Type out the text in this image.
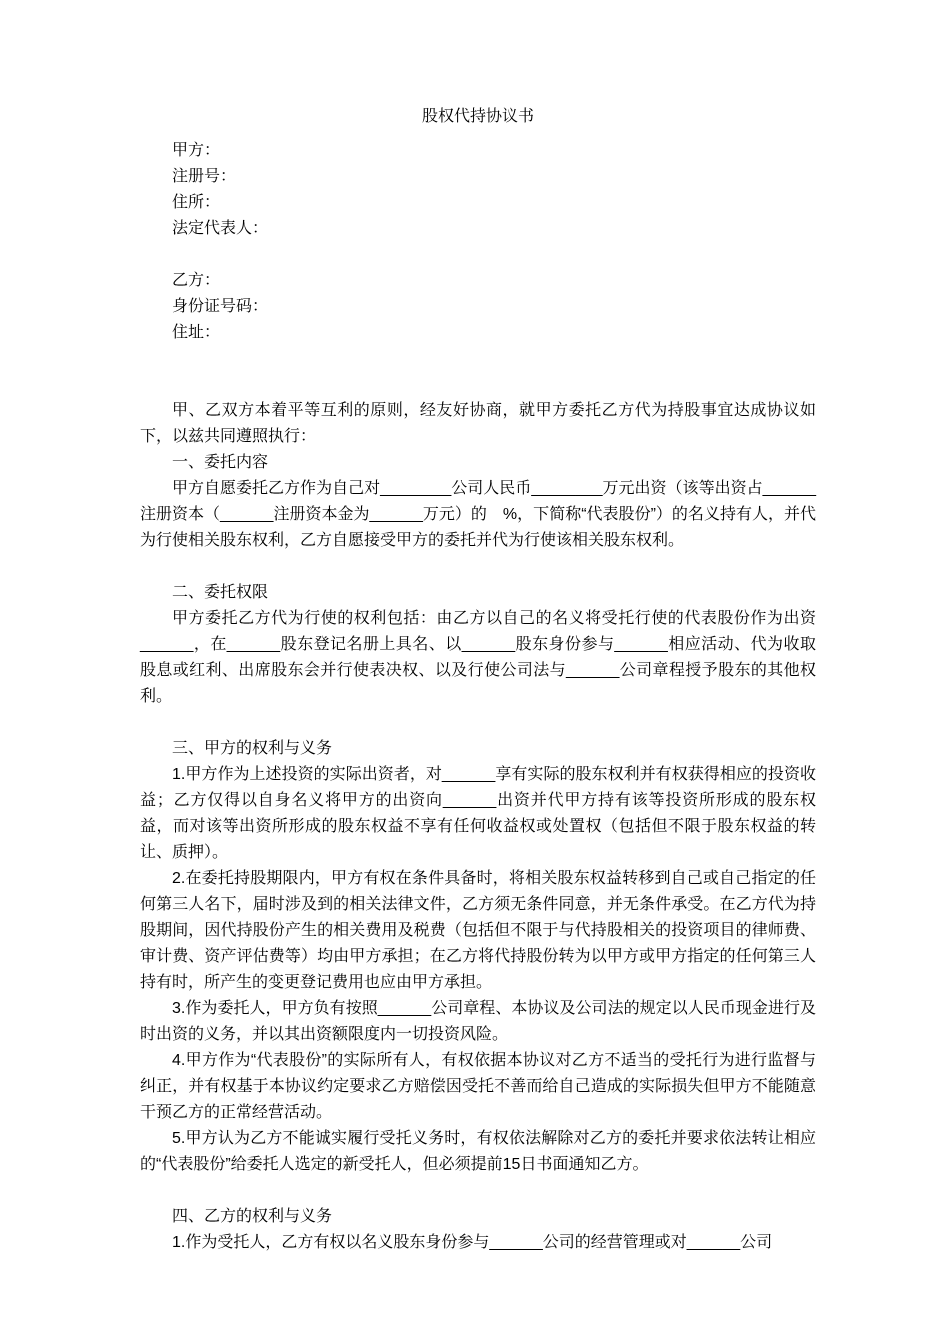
股权代持协议书

甲方：

注册号：

住所：

法定代表人：

乙方：

身份证号码：

住址：

甲、乙双方本着平等互利的原则，经友好协商，就甲方委托乙方代为持股事宜达成协议如下，以兹共同遵照执行：

一、委托内容

甲方自愿委托乙方作为自己对________公司人民币________万元出资（该等出资占______注册资本（______注册资本金为______万元）的　%，下简称“代表股份”）的名义持有人，并代为行使相关股东权利，乙方自愿接受甲方的委托并代为行使该相关股东权利。

二、委托权限

甲方委托乙方代为行使的权利包括：由乙方以自己的名义将受托行使的代表股份作为出资______，在______股东登记名册上具名、以______股东身份参与______相应活动、代为收取股息或红利、出席股东会并行使表决权、以及行使公司法与______公司章程授予股东的其他权利。

三、甲方的权利与义务

1.甲方作为上述投资的实际出资者，对______享有实际的股东权利并有权获得相应的投资收益；乙方仅得以自身名义将甲方的出资向______出资并代甲方持有该等投资所形成的股东权益，而对该等出资所形成的股东权益不享有任何收益权或处置权（包括但不限于股东权益的转让、质押）。

2.在委托持股期限内，甲方有权在条件具备时，将相关股东权益转移到自己或自己指定的任何第三人名下，届时涉及到的相关法律文件，乙方须无条件同意，并无条件承受。在乙方代为持股期间，因代持股份产生的相关费用及税费（包括但不限于与代持股相关的投资项目的律师费、审计费、资产评估费等）均由甲方承担；在乙方将代持股份转为以甲方或甲方指定的任何第三人持有时，所产生的变更登记费用也应由甲方承担。

3.作为委托人，甲方负有按照______公司章程、本协议及公司法的规定以人民币现金进行及时出资的义务，并以其出资额限度内一切投资风险。

4.甲方作为“代表股份”的实际所有人，有权依据本协议对乙方不适当的受托行为进行监督与纠正，并有权基于本协议约定要求乙方赔偿因受托不善而给自己造成的实际损失但甲方不能随意干预乙方的正常经营活动。

5.甲方认为乙方不能诚实履行受托义务时，有权依法解除对乙方的委托并要求依法转让相应的“代表股份”给委托人选定的新受托人，但必须提前15日书面通知乙方。

四、乙方的权利与义务

1.作为受托人，乙方有权以名义股东身份参与______公司的经营管理或对______公司
